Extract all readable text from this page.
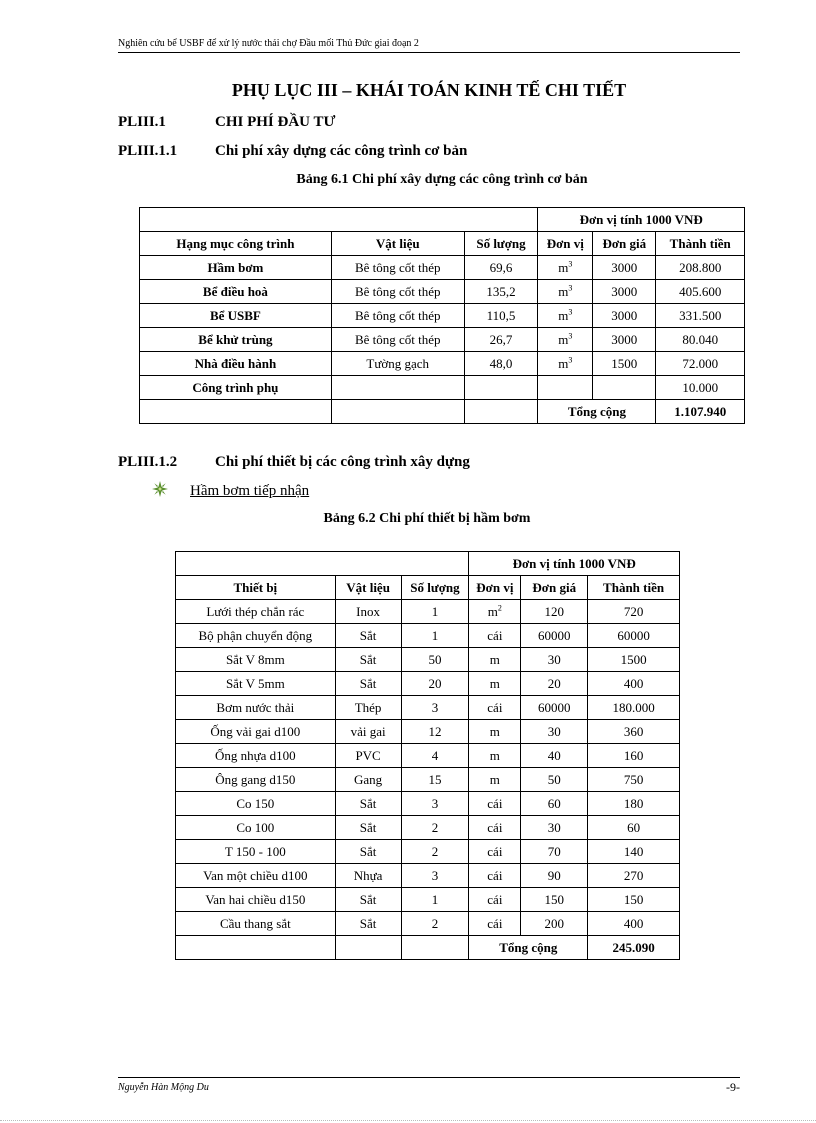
Nghiên cứu bể USBF để xử lý nước thải chợ Đầu mối Thủ Đức giai đoạn 2
PHỤ LỤC III – KHÁI TOÁN KINH TẾ CHI TIẾT
PLIII.1	CHI PHÍ ĐẦU TƯ
PLIII.1.1	Chi phí xây dựng các công trình cơ bản
Bảng 6.1 Chi phí xây dựng các công trình cơ bản
			Đơn vị tính 1000 VNĐ		
Hạng mục công trình	Vật liệu	Số lượng	Đơn vị	Đơn giá	Thành tiền
Hầm bơm	Bê tông cốt thép	69,6	$m^3$	3000	208.800
Bể điều hoà	Bê tông cốt thép	135,2	$m^3$	3000	405.600
Bể USBF	Bê tông cốt thép	110,5	$m^3$	3000	331.500
Bể khử trùng	Bê tông cốt thép	26,7	$m^3$	3000	80.040
Nhà điều hành	Tường gạch	48,0	$m^3$	1500	72.000
Công trình phụ					10.000
			Tổng cộng		1.107.940
PLIII.1.2	Chi phí thiết bị các công trình xây dựng
Hầm bơm tiếp nhận
Bảng 6.2 Chi phí thiết bị hầm bơm
			Đơn vị tính 1000 VNĐ		
Thiết bị	Vật liệu	Số lượng	Đơn vị	Đơn giá	Thành tiền
Lưới thép chắn rác	Inox	1	$m^2$	120	720
Bộ phận chuyển động	Sắt	1	cái	60000	60000
Sắt V 8mm	Sắt	50	m	30	1500
Sắt V 5mm	Sắt	20	m	20	400
Bơm nước thải	Thép	3	cái	60000	180.000
Ống vải gai d100	vải gai	12	m	30	360
Ống nhựa d100	PVC	4	m	40	160
Ông gang d150	Gang	15	m	50	750
Co 150	Sắt	3	cái	60	180
Co 100	Sắt	2	cái	30	60
T 150 - 100	Sắt	2	cái	70	140
Van một chiều d100	Nhựa	3	cái	90	270
Van hai chiều d150	Sắt	1	cái	150	150
Cầu thang sắt	Sắt	2	cái	200	400
			Tổng cộng		245.090
Nguyễn Hàn Mộng Du	-9-
